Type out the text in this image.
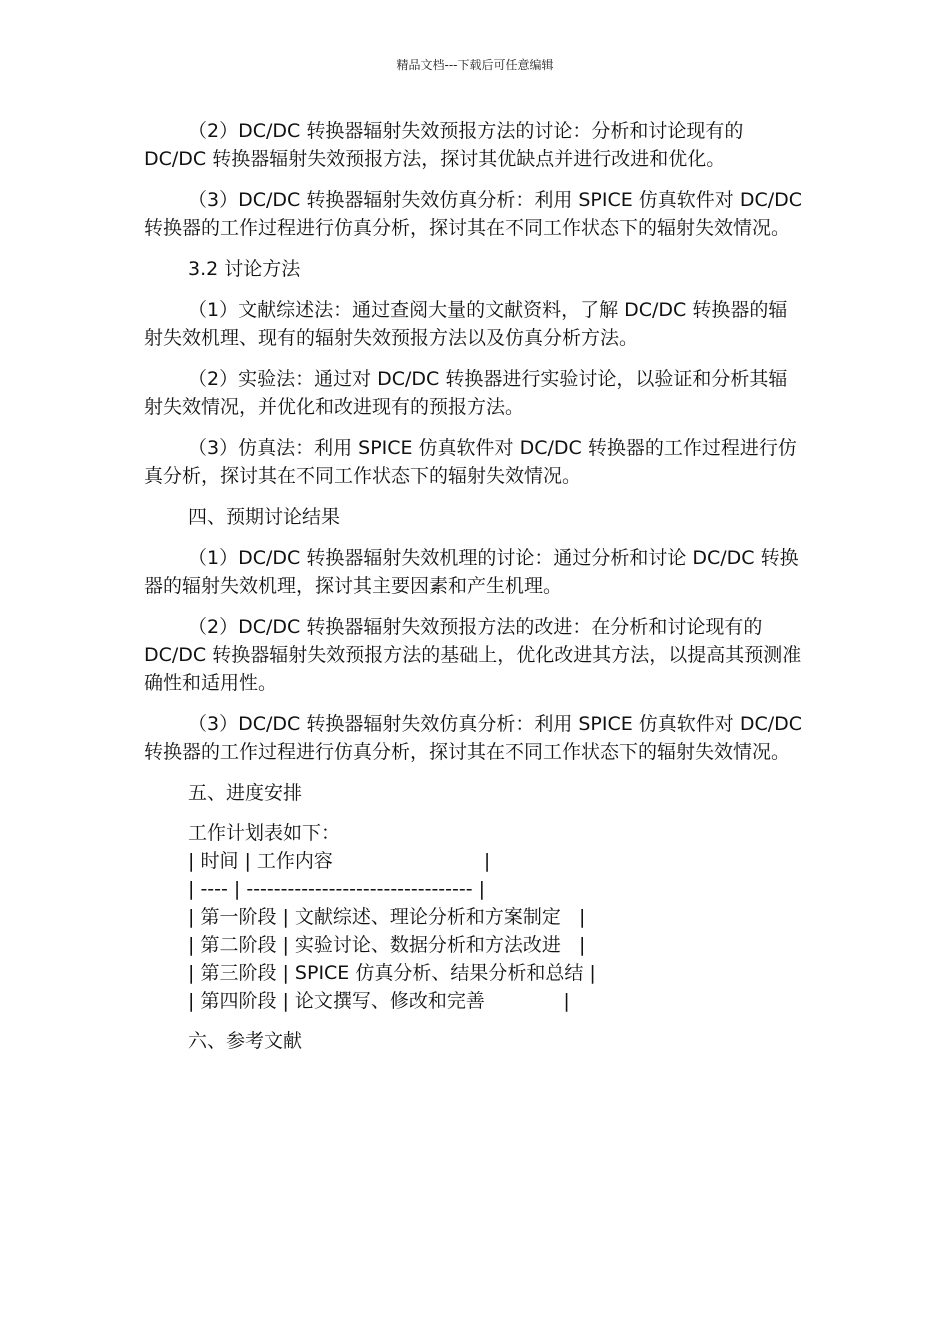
精品文档---下载后可任意编辑

（2）DC/DC 转换器辐射失效预报方法的讨论：分析和讨论现有的 DC/DC 转换器辐射失效预报方法，探讨其优缺点并进行改进和优化。

（3）DC/DC 转换器辐射失效仿真分析：利用 SPICE 仿真软件对 DC/DC 转换器的工作过程进行仿真分析，探讨其在不同工作状态下的辐射失效情况。

3.2 讨论方法

（1）文献综述法：通过查阅大量的文献资料，了解 DC/DC 转换器的辐射失效机理、现有的辐射失效预报方法以及仿真分析方法。

（2）实验法：通过对 DC/DC 转换器进行实验讨论，以验证和分析其辐射失效情况，并优化和改进现有的预报方法。

（3）仿真法：利用 SPICE 仿真软件对 DC/DC 转换器的工作过程进行仿真分析，探讨其在不同工作状态下的辐射失效情况。

四、预期讨论结果

（1）DC/DC 转换器辐射失效机理的讨论：通过分析和讨论 DC/DC 转换器的辐射失效机理，探讨其主要因素和产生机理。

（2）DC/DC 转换器辐射失效预报方法的改进：在分析和讨论现有的 DC/DC 转换器辐射失效预报方法的基础上，优化改进其方法，以提高其预测准确性和适用性。

（3）DC/DC 转换器辐射失效仿真分析：利用 SPICE 仿真软件对 DC/DC 转换器的工作过程进行仿真分析，探讨其在不同工作状态下的辐射失效情况。

五、进度安排

工作计划表如下：

| 时间 | 工作内容                         |

| ---- | --------------------------------- |

| 第一阶段 | 文献综述、理论分析和方案制定   |

| 第二阶段 | 实验讨论、数据分析和方法改进   |

| 第三阶段 | SPICE 仿真分析、结果分析和总结 |

| 第四阶段 | 论文撰写、修改和完善             |

六、参考文献
